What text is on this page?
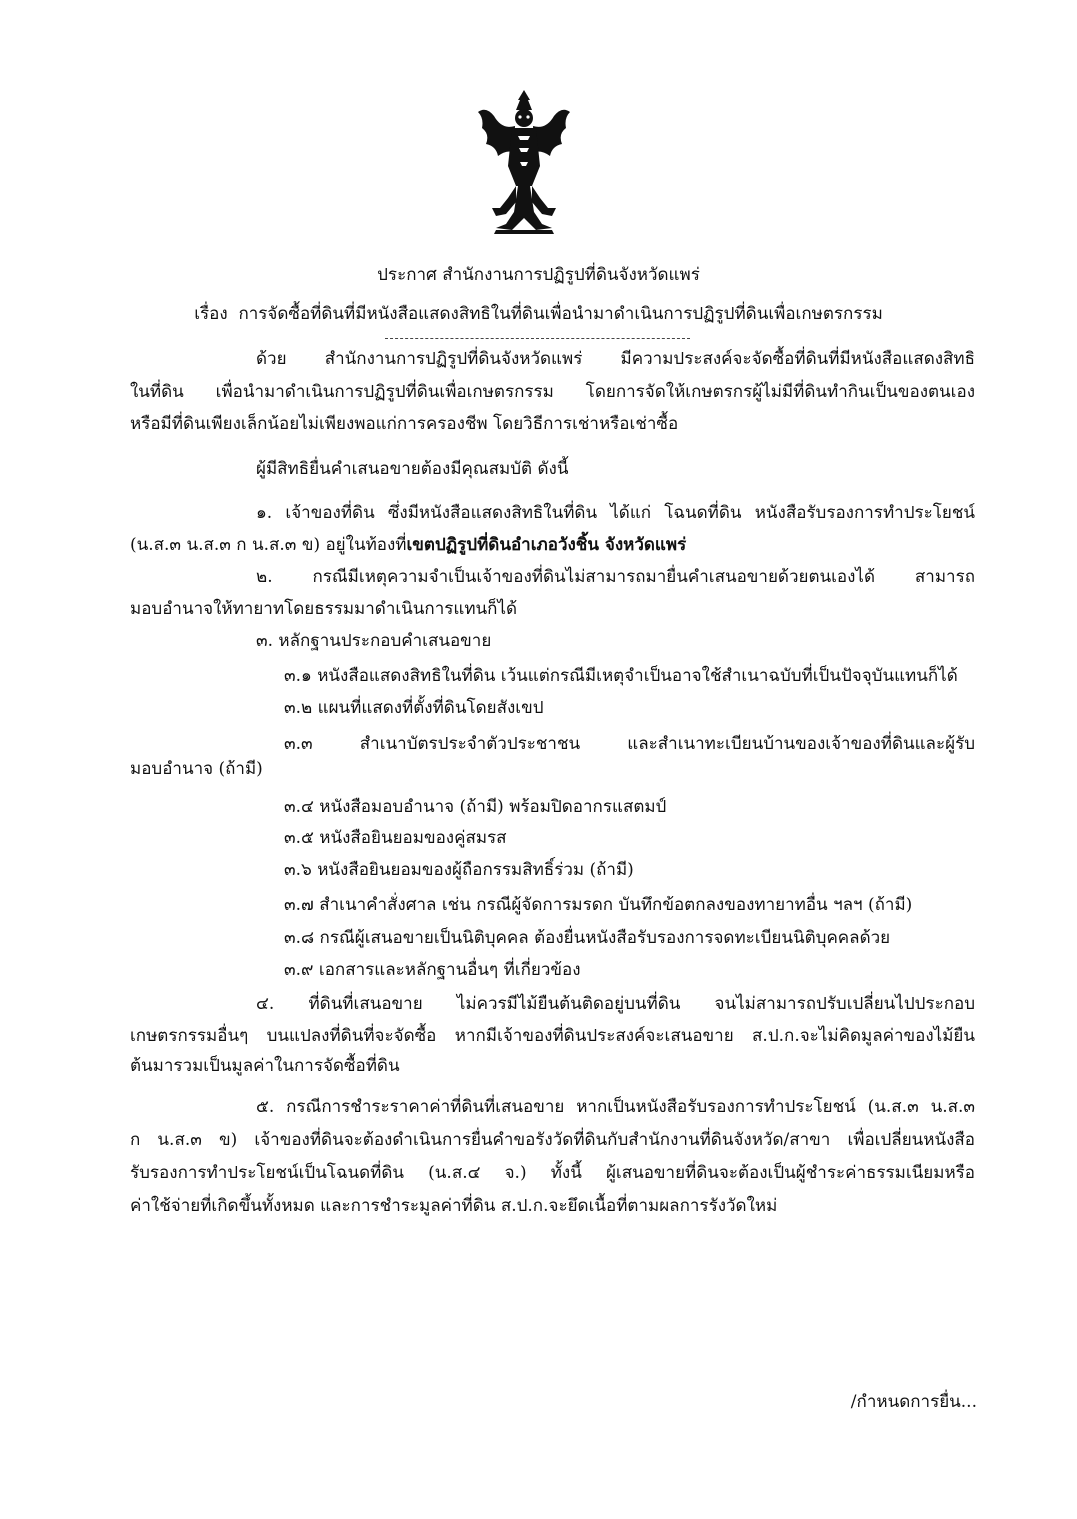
ประกาศ สำนักงานการปฏิรูปที่ดินจังหวัดแพร่
เรื่อง การจัดซื้อที่ดินที่มีหนังสือแสดงสิทธิในที่ดินเพื่อนำมาดำเนินการปฏิรูปที่ดินเพื่อเกษตรกรรม
ด้วย สำนักงานการปฏิรูปที่ดินจังหวัดแพร่ มีความประสงค์จะจัดซื้อที่ดินที่มีหนังสือแสดงสิทธิ
ในที่ดิน เพื่อนำมาดำเนินการปฏิรูปที่ดินเพื่อเกษตรกรรม โดยการจัดให้เกษตรกรผู้ไม่มีที่ดินทำกินเป็นของตนเอง
หรือมีที่ดินเพียงเล็กน้อยไม่เพียงพอแก่การครองชีพ โดยวิธีการเช่าหรือเช่าซื้อ
ผู้มีสิทธิยื่นคำเสนอขายต้องมีคุณสมบัติ ดังนี้
๑. เจ้าของที่ดิน ซึ่งมีหนังสือแสดงสิทธิในที่ดิน ได้แก่ โฉนดที่ดิน หนังสือรับรองการทำประโยชน์
(น.ส.๓ น.ส.๓ ก น.ส.๓ ข) อยู่ในท้องที่เขตปฏิรูปที่ดินอำเภอวังชิ้น จังหวัดแพร่
๒. กรณีมีเหตุความจำเป็นเจ้าของที่ดินไม่สามารถมายื่นคำเสนอขายด้วยตนเองได้ สามารถ
มอบอำนาจให้ทายาทโดยธรรมมาดำเนินการแทนก็ได้
๓. หลักฐานประกอบคำเสนอขาย
๓.๑ หนังสือแสดงสิทธิในที่ดิน เว้นแต่กรณีมีเหตุจำเป็นอาจใช้สำเนาฉบับที่เป็นปัจจุบันแทนก็ได้
๓.๒ แผนที่แสดงที่ตั้งที่ดินโดยสังเขป
๓.๓ สำเนาบัตรประจำตัวประชาชน และสำเนาทะเบียนบ้านของเจ้าของที่ดินและผู้รับ
มอบอำนาจ (ถ้ามี)
๓.๔ หนังสือมอบอำนาจ (ถ้ามี) พร้อมปิดอากรแสตมป์
๓.๕ หนังสือยินยอมของคู่สมรส
๓.๖ หนังสือยินยอมของผู้ถือกรรมสิทธิ์ร่วม (ถ้ามี)
๓.๗ สำเนาคำสั่งศาล เช่น กรณีผู้จัดการมรดก บันทึกข้อตกลงของทายาทอื่น ฯลฯ (ถ้ามี)
๓.๘ กรณีผู้เสนอขายเป็นนิติบุคคล ต้องยื่นหนังสือรับรองการจดทะเบียนนิติบุคคลด้วย
๓.๙ เอกสารและหลักฐานอื่นๆ ที่เกี่ยวข้อง
๔. ที่ดินที่เสนอขาย ไม่ควรมีไม้ยืนต้นติดอยู่บนที่ดิน จนไม่สามารถปรับเปลี่ยนไปประกอบ
เกษตรกรรมอื่นๆ บนแปลงที่ดินที่จะจัดซื้อ หากมีเจ้าของที่ดินประสงค์จะเสนอขาย ส.ป.ก.จะไม่คิดมูลค่าของไม้ยืน
ต้นมารวมเป็นมูลค่าในการจัดซื้อที่ดิน
๕. กรณีการชำระราคาค่าที่ดินที่เสนอขาย หากเป็นหนังสือรับรองการทำประโยชน์ (น.ส.๓ น.ส.๓
ก น.ส.๓ ข) เจ้าของที่ดินจะต้องดำเนินการยื่นคำขอรังวัดที่ดินกับสำนักงานที่ดินจังหวัด/สาขา เพื่อเปลี่ยนหนังสือ
รับรองการทำประโยชน์เป็นโฉนดที่ดิน (น.ส.๔ จ.) ทั้งนี้ ผู้เสนอขายที่ดินจะต้องเป็นผู้ชำระค่าธรรมเนียมหรือ
ค่าใช้จ่ายที่เกิดขึ้นทั้งหมด และการชำระมูลค่าที่ดิน ส.ป.ก.จะยึดเนื้อที่ตามผลการรังวัดใหม่
/กำหนดการยื่น...
